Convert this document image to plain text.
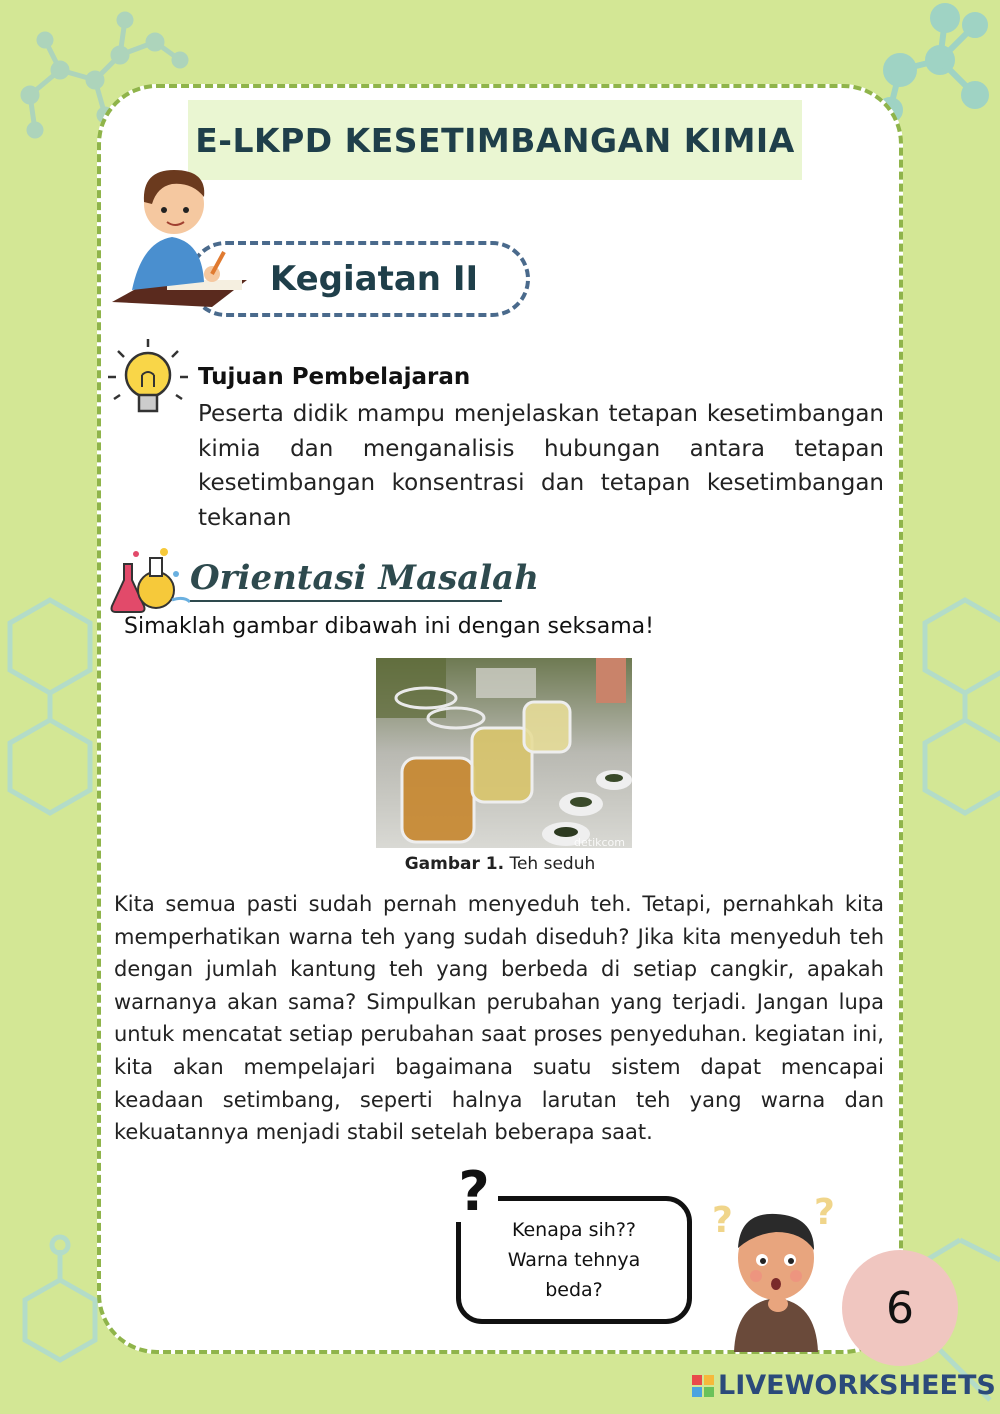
E-LKPD KESETIMBANGAN KIMIA
Kegiatan II
Tujuan Pembelajaran
Peserta didik mampu menjelaskan tetapan kesetimbangan kimia dan menganalisis hubungan antara tetapan kesetimbangan konsentrasi dan tetapan kesetimbangan tekanan
Orientasi Masalah
Simaklah gambar dibawah ini dengan seksama!
detikcom
Gambar 1. Teh seduh
Kita semua pasti sudah pernah menyeduh teh. Tetapi, pernahkah kita memperhatikan warna teh yang sudah diseduh? Jika kita menyeduh teh dengan jumlah kantung teh yang berbeda di setiap cangkir, apakah warnanya akan sama? Simpulkan perubahan yang terjadi. Jangan lupa untuk mencatat setiap perubahan saat proses penyeduhan. kegiatan ini, kita akan mempelajari bagaimana suatu sistem dapat mencapai keadaan setimbang, seperti halnya larutan teh yang warna dan kekuatannya menjadi stabil setelah beberapa saat.
Kenapa sih??
Warna tehnya
beda?
?	? ?
6
LIVEWORKSHEETS
